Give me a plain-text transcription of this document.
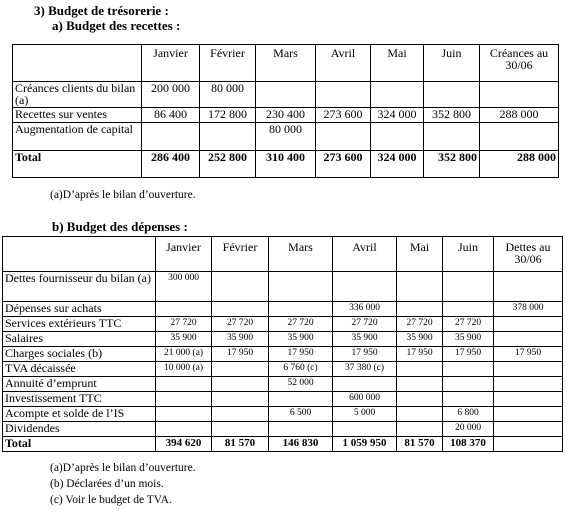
3) Budget de trésorerie :
a) Budget des recettes :
	Janvier	Février	Mars	Avril	Mai	Juin	Créances au 30/06
Créances clients du bilan (a)	200 000	80 000					
Recettes sur ventes	86 400	172 800	230 400	273 600	324 000	352 800	288 000
Augmentation de capital			80 000				
Total	286 400	252 800	310 400	273 600	324 000	352 800	288 000
(a)D’après le bilan d’ouverture.
b) Budget des dépenses :
	Janvier	Février	Mars	Avril	Mai	Juin	Dettes au 30/06
Dettes fournisseur du bilan (a)	300 000						
Dépenses sur achats				336 000			378 000
Services extérieurs TTC	27 720	27 720	27 720	27 720	27 720	27 720	
Salaires	35 900	35 900	35 900	35 900	35 900	35 900	
Charges sociales (b)	21 000 (a)	17 950	17 950	17 950	17 950	17 950	17 950
TVA décaissée	10 000 (a)		6 760 (c)	37 380 (c)			
Annuité d’emprunt			52 000				
Investissement TTC				600 000			
Acompte et solde de l’IS			6 500	5 000		6 800	
Dividendes						20 000	
Total	394 620	81 570	146 830	1 059 950	81 570	108 370	
(a)D’après le bilan d’ouverture.
(b) Déclarées d’un mois.
(c) Voir le budget de TVA.
